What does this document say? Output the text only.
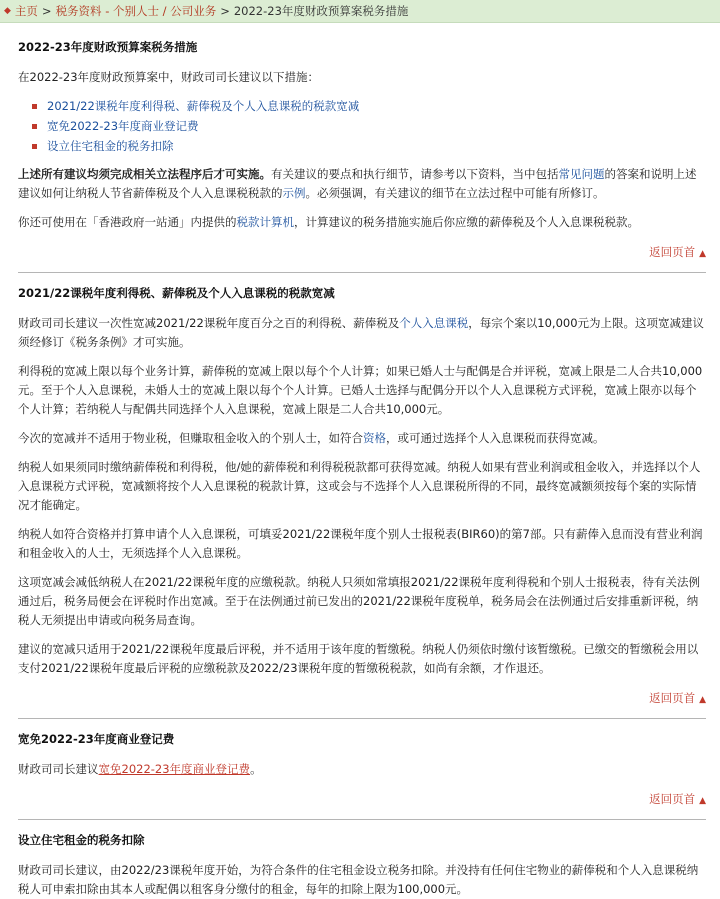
◆ 主页 > 税务资料 - 个别人士 / 公司业务 > 2022-23年度财政预算案税务措施
2022-23年度财政预算案税务措施

在2022-23年度财政预算案中，财政司司长建议以下措施：

2021/22课税年度利得税、薪俸税及个人入息课税的税款宽减
宽免2022-23年度商业登记费
设立住宅租金的税务扣除

上述所有建议均须完成相关立法程序后才可实施。有关建议的要点和执行细节，请参考以下资料，当中包括常见问题的答案和说明上述建议如何让纳税人节省薪俸税及个人入息课税税款的示例。必须强调，有关建议的细节在立法过程中可能有所修订。

你还可使用在「香港政府一站通」内提供的税款计算机，计算建议的税务措施实施后你应缴的薪俸税及个人入息课税税款。

返回页首 ▲
2021/22课税年度利得税、薪俸税及个人入息课税的税款宽减

财政司司长建议一次性宽减2021/22课税年度百分之百的利得税、薪俸税及个人入息课税，每宗个案以10,000元为上限。这项宽减建议须经修订《税务条例》才可实施。

利得税的宽减上限以每个业务计算，薪俸税的宽减上限以每个个人计算；如果已婚人士与配偶是合并评税，宽减上限是二人合共10,000元。至于个人入息课税，未婚人士的宽减上限以每个个人计算。已婚人士选择与配偶分开以个人入息课税方式评税，宽减上限亦以每个个人计算；若纳税人与配偶共同选择个人入息课税，宽减上限是二人合共10,000元。

今次的宽减并不适用于物业税，但赚取租金收入的个别人士，如符合资格，或可通过选择个人入息课税而获得宽减。

纳税人如果须同时缴纳薪俸税和利得税，他/她的薪俸税和利得税税款都可获得宽减。纳税人如果有营业利润或租金收入，并选择以个人入息课税方式评税，宽减额将按个人入息课税的税款计算，这或会与不选择个人入息课税所得的不同，最终宽减额须按每个案的实际情况才能确定。

纳税人如符合资格并打算申请个人入息课税，可填妥2021/22课税年度个别人士报税表(BIR60)的第7部。只有薪俸入息而没有营业利润和租金收入的人士，无须选择个人入息课税。

这项宽减会减低纳税人在2021/22课税年度的应缴税款。纳税人只须如常填报2021/22课税年度利得税和个别人士报税表，待有关法例通过后，税务局便会在评税时作出宽减。至于在法例通过前已发出的2021/22课税年度税单，税务局会在法例通过后安排重新评税，纳税人无须提出申请或向税务局查询。

建议的宽减只适用于2021/22课税年度最后评税，并不适用于该年度的暂缴税。纳税人仍须依时缴付该暂缴税。已缴交的暂缴税会用以支付2021/22课税年度最后评税的应缴税款及2022/23课税年度的暂缴税税款，如尚有余额，才作退还。

返回页首 ▲
宽免2022-23年度商业登记费

财政司司长建议宽免2022-23年度商业登记费。

返回页首 ▲
设立住宅租金的税务扣除

财政司司长建议，由2022/23课税年度开始，为符合条件的住宅租金设立税务扣除。并没持有任何住宅物业的薪俸税和个人入息课税纳税人可申索扣除由其本人或配偶以租客身分缴付的租金，每年的扣除上限为100,000元。
